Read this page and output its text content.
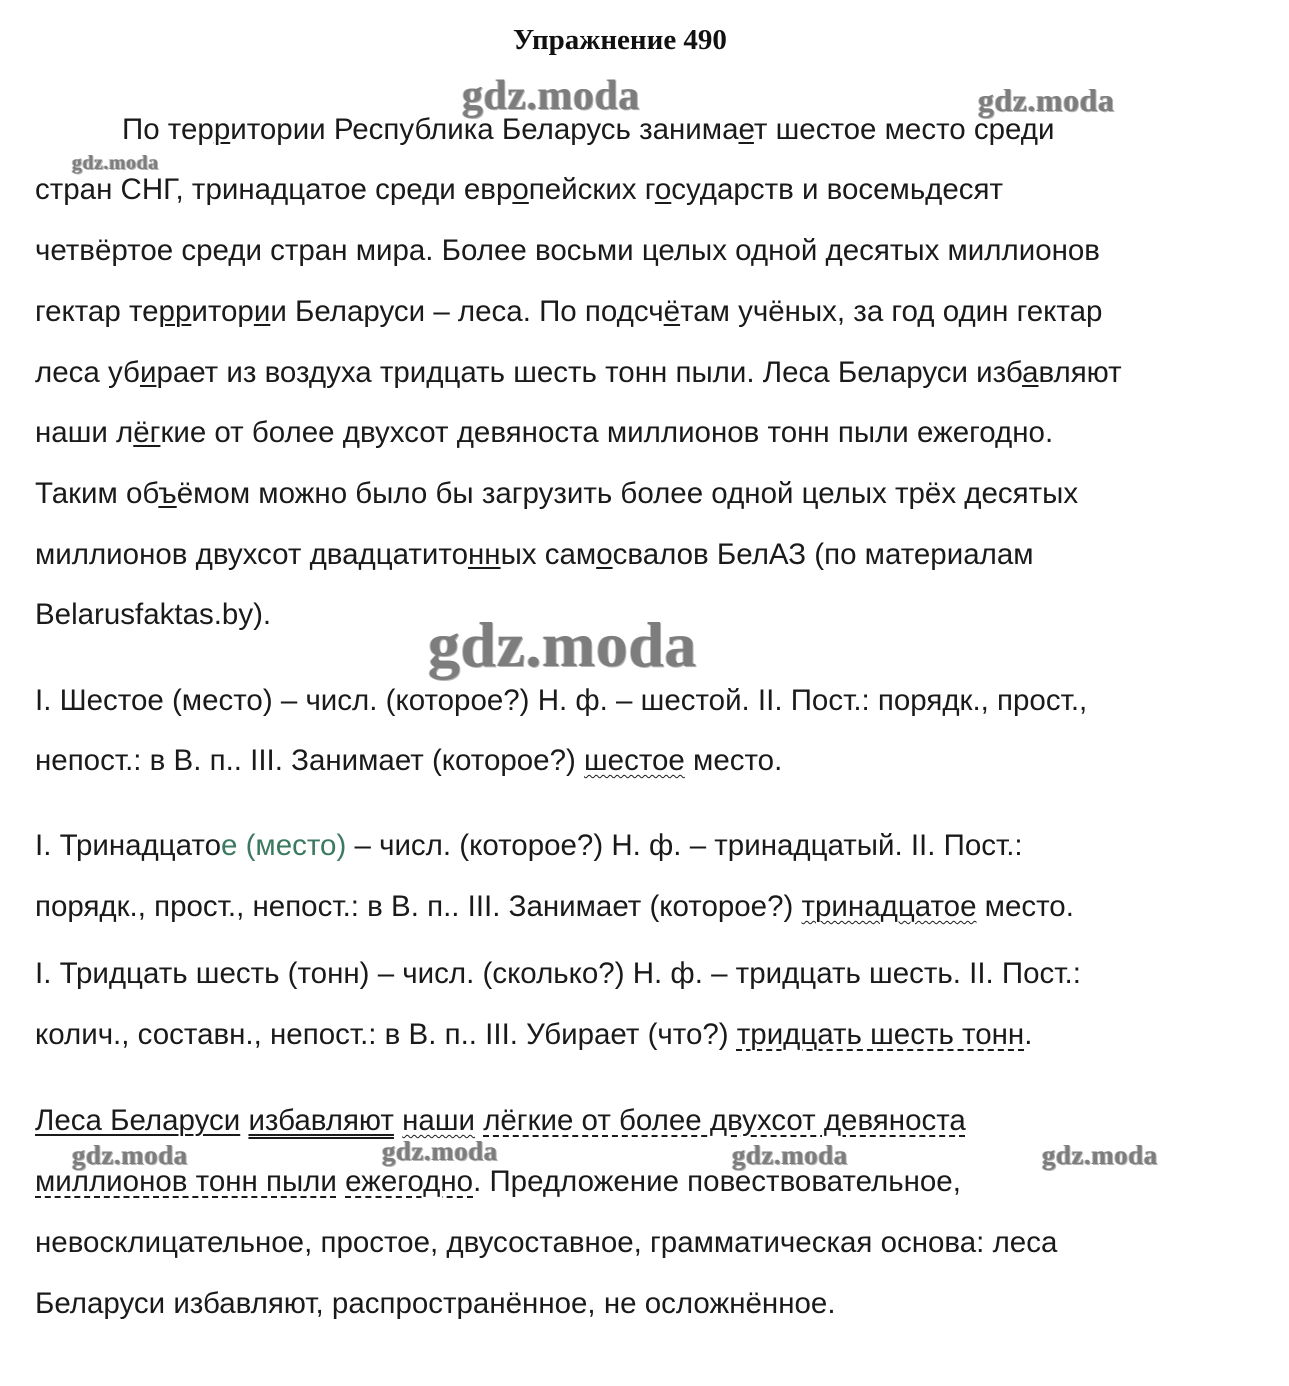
Упражнение 490
gdz.moda	gdz.moda
gdz.moda
gdz.moda
gdz.moda	gdz.moda	gdz.moda	gdz.moda
По территории Республика Беларусь занимает шестое место среди
стран СНГ, тринадцатое среди европейских государств и восемьдесят
четвёртое среди стран мира. Более восьми целых одной десятых миллионов
гектар территории Беларуси – леса. По подсчётам учёных, за год один гектар
леса убирает из воздуха тридцать шесть тонн пыли. Леса Беларуси избавляют
наши лёгкие от более двухсот девяноста миллионов тонн пыли ежегодно.
Таким объёмом можно было бы загрузить более одной целых трёх десятых
миллионов двухсот двадцатитонных самосвалов БелАЗ (по материалам
Belarusfaktas.by).
I. Шестое (место) – числ. (которое?) Н. ф. – шестой. II. Пост.: порядк., прост.,
непост.: в В. п.. III. Занимает (которое?) шестое место.
I. Тринадцатое (место) – числ. (которое?) Н. ф. – тринадцатый. II. Пост.:
порядк., прост., непост.: в В. п.. III. Занимает (которое?) тринадцатое место.
I. Тридцать шесть (тонн) – числ. (сколько?) Н. ф. – тридцать шесть. II. Пост.:
колич., составн., непост.: в В. п.. III. Убирает (что?) тридцать шесть тонн.
Леса Беларуси избавляют наши лёгкие от более двухсот девяноста
миллионов тонн пыли ежегодно. Предложение повествовательное,
невосклицательное, простое, двусоставное, грамматическая основа: леса
Беларуси избавляют, распространённое, не осложнённое.
